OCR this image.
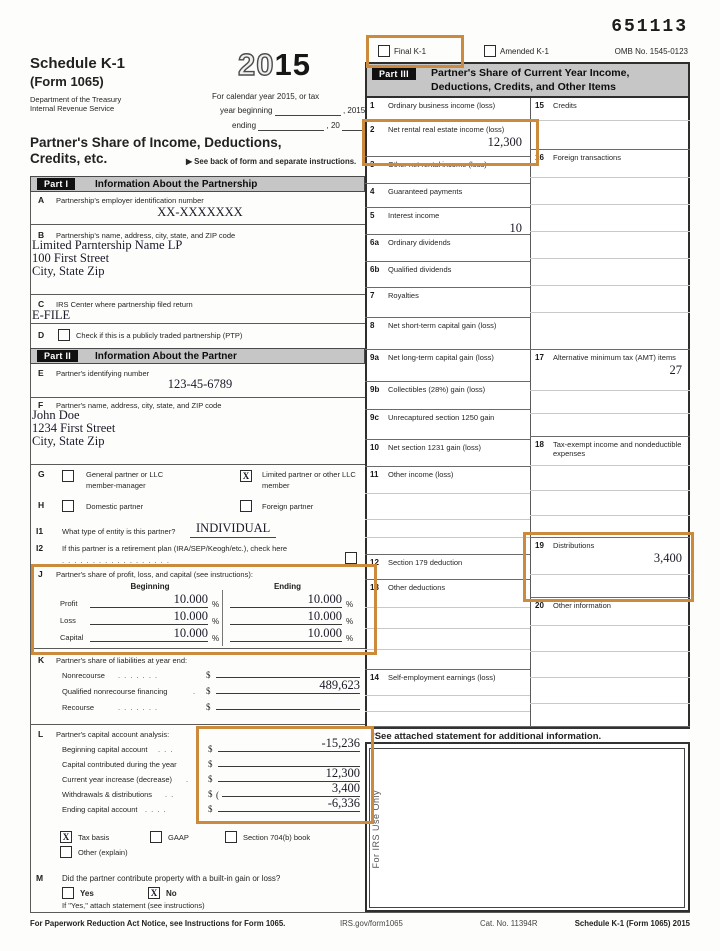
651113
Final K-1	Amended K-1	OMB No. 1545-0123
Schedule K-1
(Form 1065)
Department of the Treasury
Internal Revenue Service
2015
For calendar year 2015, or tax
year beginning	, 2015
ending	, 20
Partner's Share of Income, Deductions,
Credits, etc.	▶ See back of form and separate instructions.
Part I	Information About the Partnership
A Partnership's employer identification number
XX-XXXXXXX
B Partnership's name, address, city, state, and ZIP code
Limited Parntership Name LP
100 First Street
City, State Zip
C IRS Center where partnership filed return
E-FILE
D	Check if this is a publicly traded partnership (PTP)
Part II	Information About the Partner
E Partner's identifying number
123-45-6789
F Partner's name, address, city, state, and ZIP code
John Doe
1234 First Street
City, State Zip
G	General partner or LLC
member-manager
X	Limited partner or other LLC
member
H	Domestic partner	Foreign partner
I1	What type of entity is this partner?	INDIVIDUAL
I2	If this partner is a retirement plan (IRA/SEP/Keogh/etc.), check here
. . . . . . . . . . . . . . . . . .
J Partner's share of profit, loss, and capital (see instructions):
Beginning	Ending
Profit	10.000 %	10.000 %
Loss	10.000 %	10.000 %
Capital	10.000 %	10.000 %
K Partner's share of liabilities at year end:
Nonrecourse . . . . . . .	$
Qualified nonrecourse financing	. $	489,623
Recourse	. . . . . . .	$
L Partner's capital account analysis:
Beginning capital account . . .	$	-15,236
Capital contributed during the year	$
Current year increase (decrease) . $	12,300
Withdrawals & distributions . .	$ (	3,400
Ending capital account . . . .	$	-6,336
X	Tax basis	GAAP	Section 704(b) book
Other (explain)
M Did the partner contribute property with a built-in gain or loss?
Yes	X	No
If "Yes," attach statement (see instructions)
Part III	Partner's Share of Current Year Income,
Deductions, Credits, and Other Items
1 Ordinary business income (loss)
2 Net rental real estate income (loss)
12,300
3 Other net rental income (loss)
4 Guaranteed payments
5 Interest income
10
6a Ordinary dividends
6b Qualified dividends
7 Royalties
8 Net short-term capital gain (loss)
9a Net long-term capital gain (loss)
9b Collectibles (28%) gain (loss)
9c Unrecaptured section 1250 gain
10 Net section 1231 gain (loss)
11 Other income (loss)
12 Section 179 deduction
13 Other deductions
14 Self-employment earnings (loss)
15 Credits
16 Foreign transactions
17 Alternative minimum tax (AMT) items
27
18 Tax-exempt income and nondeductible expenses
19 Distributions
3,400
20 Other information
*See attached statement for additional information.
For IRS Use Only
For Paperwork Reduction Act Notice, see Instructions for Form 1065.	IRS.gov/form1065	Cat. No. 11394R	Schedule K-1 (Form 1065) 2015
